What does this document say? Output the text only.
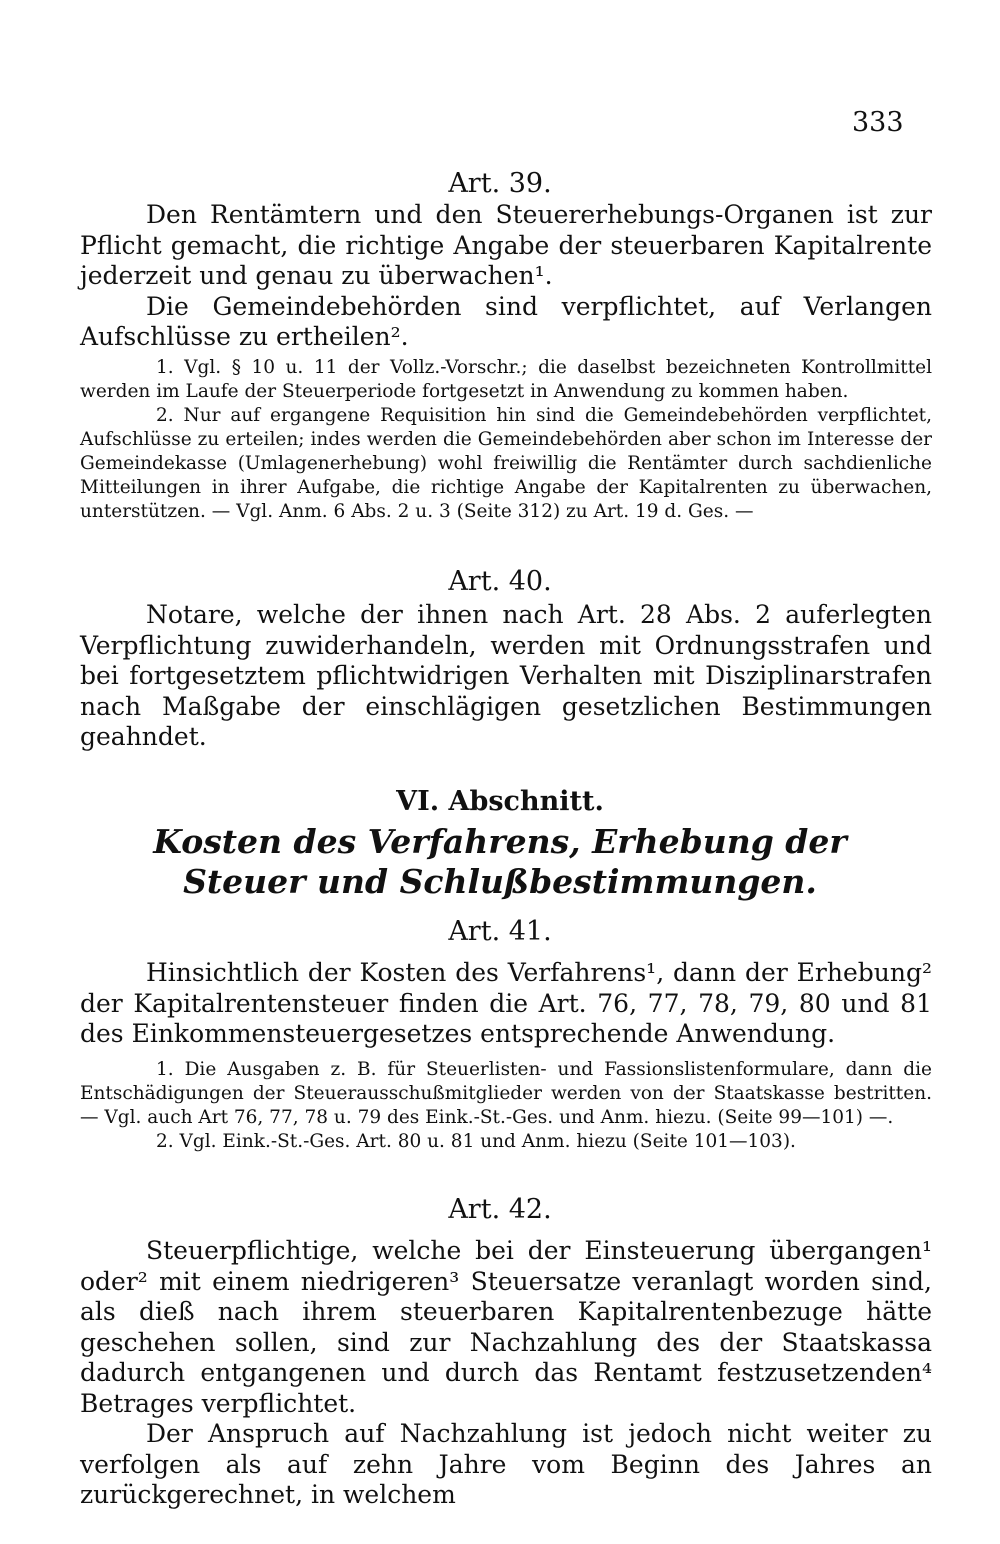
333
Art. 39.

Den Rentämtern und den Steuererhebungs-Organen ist zur Pflicht gemacht, die richtige Angabe der steuerbaren Kapitalrente jederzeit und genau zu überwachen¹.

Die Gemeindebehörden sind verpflichtet, auf Verlangen Aufschlüsse zu ertheilen².

1. Vgl. § 10 u. 11 der Vollz.-Vorschr.; die daselbst bezeichneten Kontrollmittel werden im Laufe der Steuerperiode fortgesetzt in Anwendung zu kommen haben.

2. Nur auf ergangene Requisition hin sind die Gemeindebehörden verpflichtet, Aufschlüsse zu erteilen; indes werden die Gemeindebehörden aber schon im Interesse der Gemeindekasse (Umlagenerhebung) wohl freiwillig die Rentämter durch sachdienliche Mitteilungen in ihrer Aufgabe, die richtige Angabe der Kapitalrenten zu überwachen, unterstützen. — Vgl. Anm. 6 Abs. 2 u. 3 (Seite 312) zu Art. 19 d. Ges. —

Art. 40.

Notare, welche der ihnen nach Art. 28 Abs. 2 auferlegten Verpflichtung zuwiderhandeln, werden mit Ordnungsstrafen und bei fortgesetztem pflichtwidrigen Verhalten mit Disziplinarstrafen nach Maßgabe der einschlägigen gesetzlichen Bestimmungen geahndet.

VI. Abschnitt.
Kosten des Verfahrens, Erhebung der Steuer und Schlußbestimmungen.
Art. 41.

Hinsichtlich der Kosten des Verfahrens¹, dann der Erhebung² der Kapitalrentensteuer finden die Art. 76, 77, 78, 79, 80 und 81 des Einkommensteuergesetzes entsprechende Anwendung.

1. Die Ausgaben z. B. für Steuerlisten- und Fassionslistenformulare, dann die Entschädigungen der Steuerausschußmitglieder werden von der Staatskasse bestritten. — Vgl. auch Art 76, 77, 78 u. 79 des Eink.-St.-Ges. und Anm. hiezu. (Seite 99—101) —.

2. Vgl. Eink.-St.-Ges. Art. 80 u. 81 und Anm. hiezu (Seite 101—103).

Art. 42.

Steuerpflichtige, welche bei der Einsteuerung übergangen¹ oder² mit einem niedrigeren³ Steuersatze veranlagt worden sind, als dieß nach ihrem steuerbaren Kapitalrentenbezuge hätte geschehen sollen, sind zur Nachzahlung des der Staatskassa dadurch entgangenen und durch das Rentamt festzusetzenden⁴ Betrages verpflichtet.

Der Anspruch auf Nachzahlung ist jedoch nicht weiter zu verfolgen als auf zehn Jahre vom Beginn des Jahres an zurückgerechnet, in welchem
